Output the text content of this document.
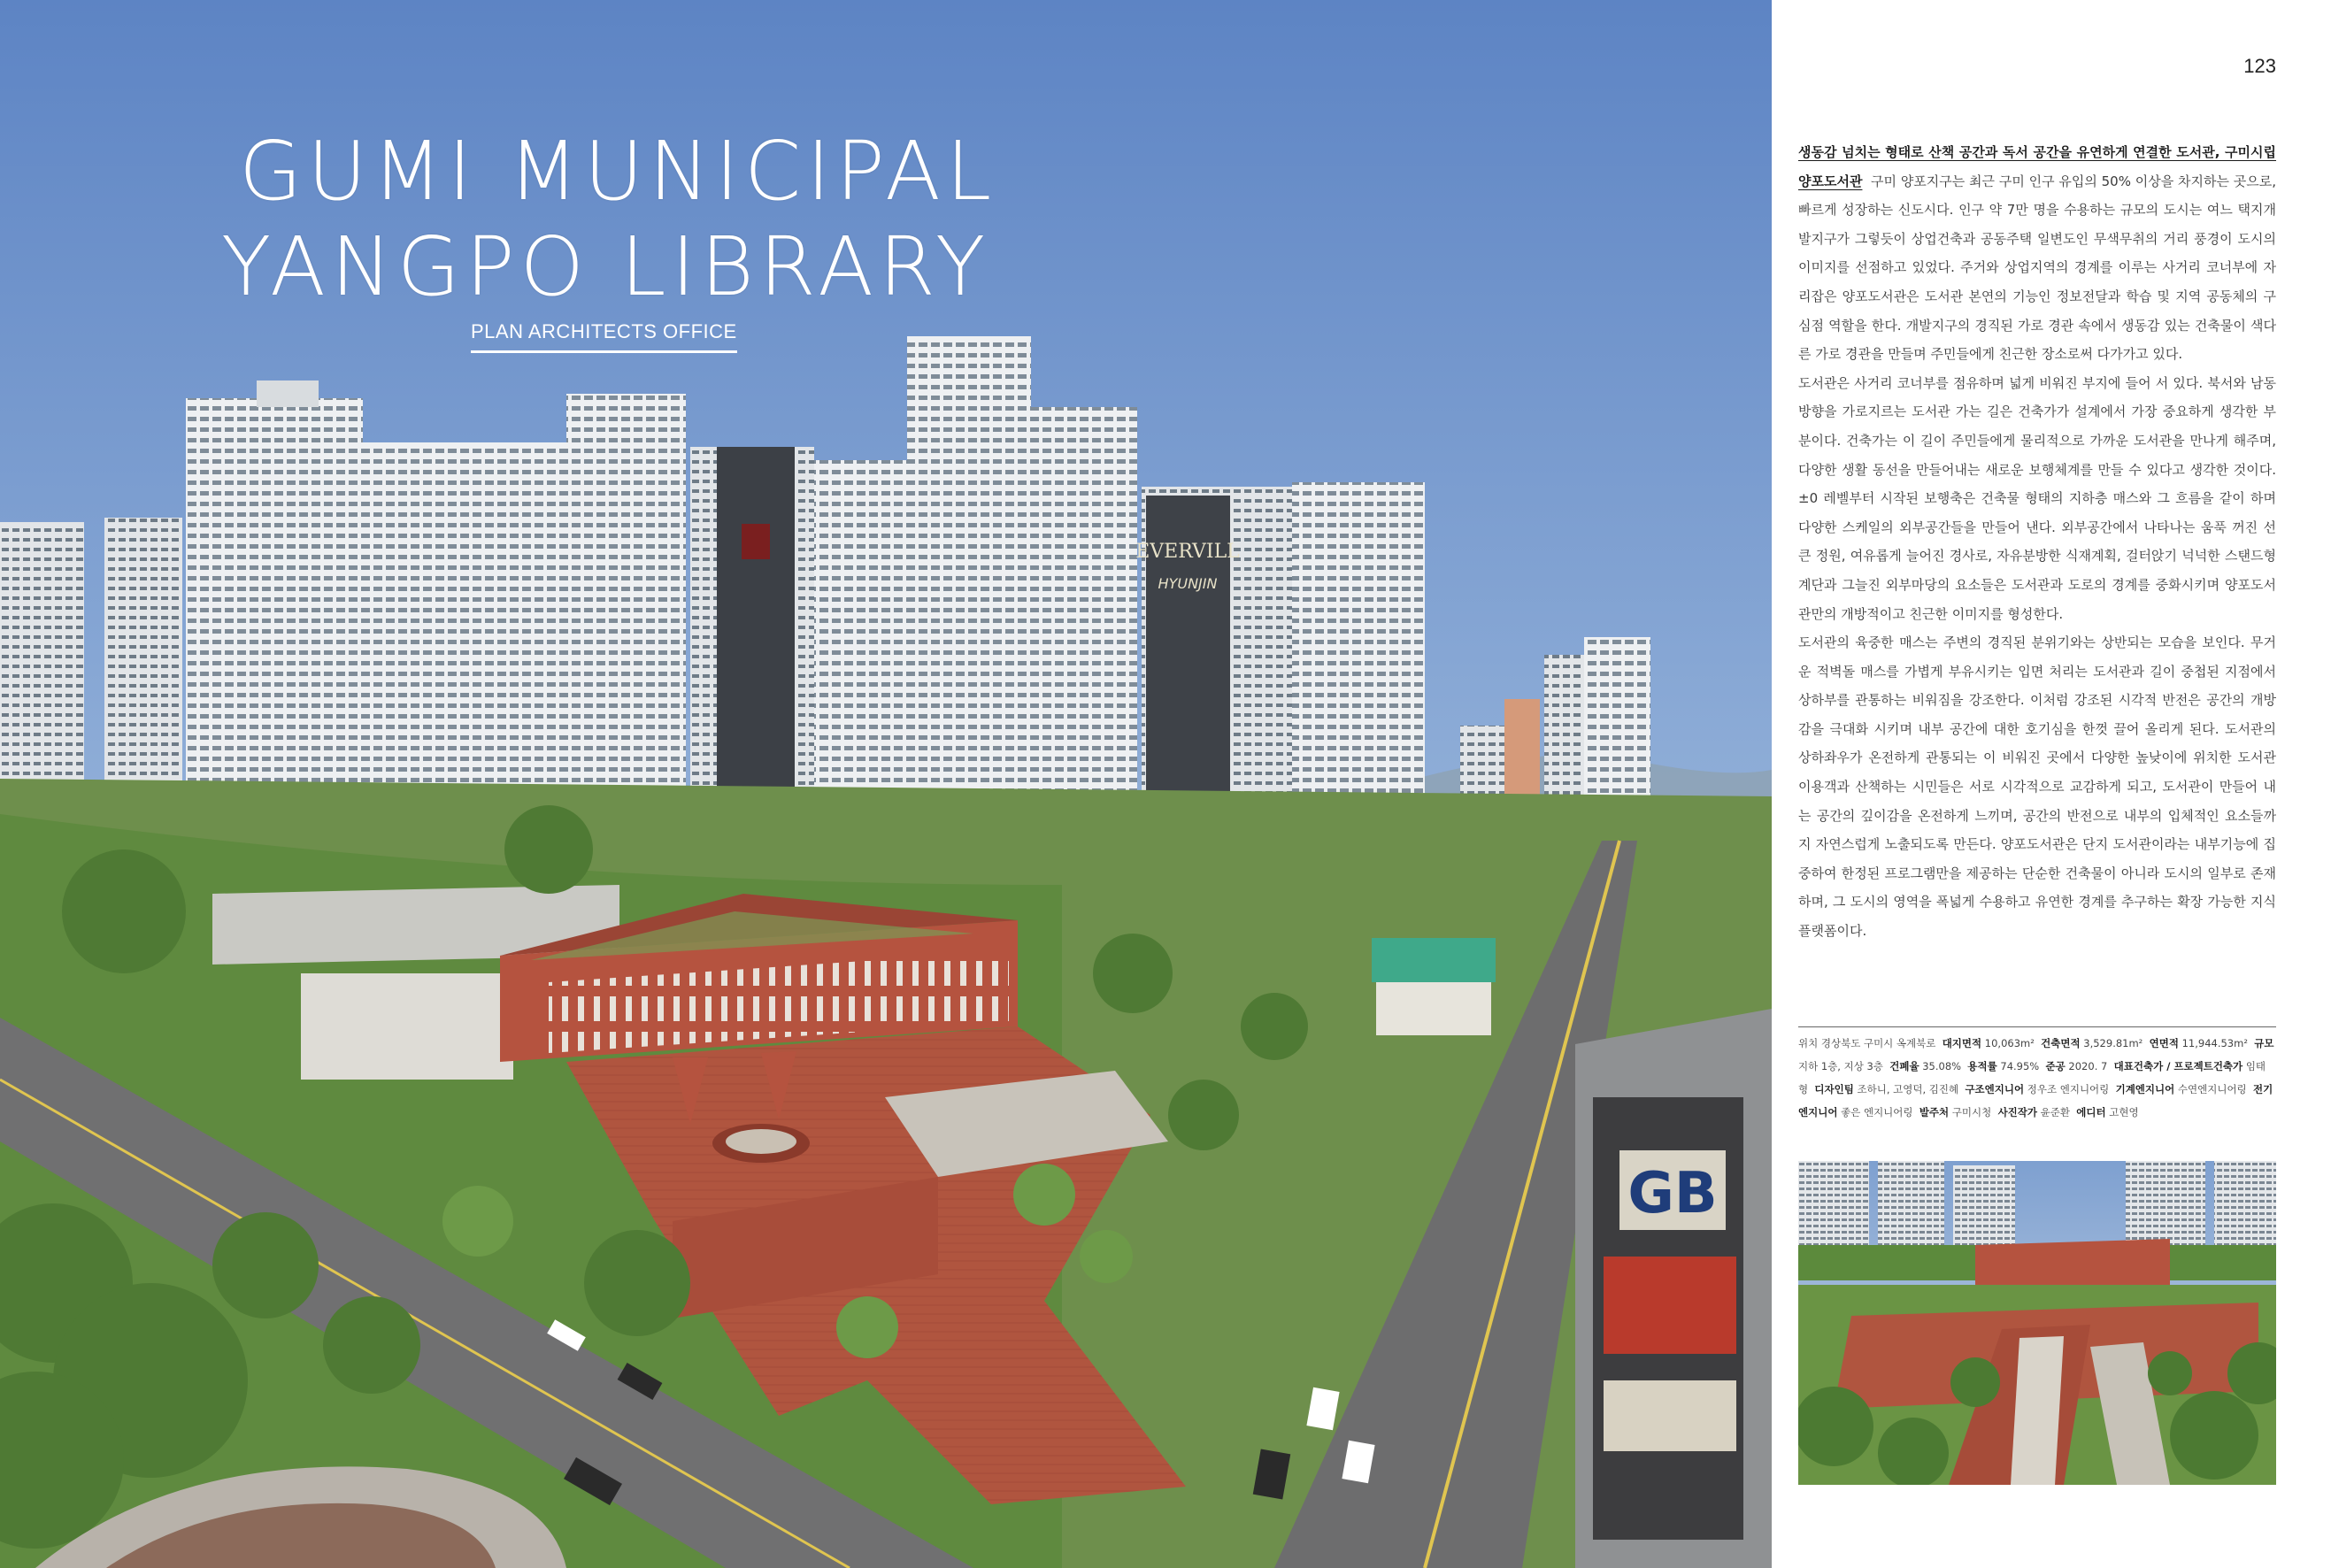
EVERVILL
HYUNJIN
GB
GUMI MUNICIPAL
YANGPO LIBRARY
PLAN ARCHITECTS OFFICE
123

생동감 넘치는 형태로 산책 공간과 독서 공간을 유연하게 연결한 도서관, 구미시립 양포도서관 구미 양포지구는 최근 구미 인구 유입의 50% 이상을 차지하는 곳으로, 빠르게 성장하는 신도시다. 인구 약 7만 명을 수용하는 규모의 도시는 여느 택지개발지구가 그렇듯이 상업건축과 공동주택 일변도인 무색무취의 거리 풍경이 도시의 이미지를 선점하고 있었다. 주거와 상업지역의 경계를 이루는 사거리 코너부에 자리잡은 양포도서관은 도서관 본연의 기능인 정보전달과 학습 및 지역 공동체의 구심점 역할을 한다. 개발지구의 경직된 가로 경관 속에서 생동감 있는 건축물이 색다른 가로 경관을 만들며 주민들에게 친근한 장소로써 다가가고 있다.

도서관은 사거리 코너부를 점유하며 넓게 비워진 부지에 들어 서 있다. 북서와 남동 방향을 가로지르는 도서관 가는 길은 건축가가 설계에서 가장 중요하게 생각한 부분이다. 건축가는 이 길이 주민들에게 물리적으로 가까운 도서관을 만나게 해주며, 다양한 생활 동선을 만들어내는 새로운 보행체계를 만들 수 있다고 생각한 것이다. ±0 레벨부터 시작된 보행축은 건축물 형태의 지하층 매스와 그 흐름을 같이 하며 다양한 스케일의 외부공간들을 만들어 낸다. 외부공간에서 나타나는 움푹 꺼진 선큰 정원, 여유롭게 늘어진 경사로, 자유분방한 식재계획, 걸터앉기 넉넉한 스탠드형 계단과 그늘진 외부마당의 요소들은 도서관과 도로의 경계를 중화시키며 양포도서관만의 개방적이고 친근한 이미지를 형성한다.

도서관의 육중한 매스는 주변의 경직된 분위기와는 상반되는 모습을 보인다. 무거운 적벽돌 매스를 가볍게 부유시키는 입면 처리는 도서관과 길이 중첩된 지점에서 상하부를 관통하는 비워짐을 강조한다. 이처럼 강조된 시각적 반전은 공간의 개방감을 극대화 시키며 내부 공간에 대한 호기심을 한껏 끌어 올리게 된다. 도서관의 상하좌우가 온전하게 관통되는 이 비워진 곳에서 다양한 높낮이에 위치한 도서관 이용객과 산책하는 시민들은 서로 시각적으로 교감하게 되고, 도서관이 만들어 내는 공간의 깊이감을 온전하게 느끼며, 공간의 반전으로 내부의 입체적인 요소들까지 자연스럽게 노출되도록 만든다. 양포도서관은 단지 도서관이라는 내부기능에 집중하여 한정된 프로그램만을 제공하는 단순한 건축물이 아니라 도시의 일부로 존재하며, 그 도시의 영역을 폭넓게 수용하고 유연한 경계를 추구하는 확장 가능한 지식 플랫폼이다.

위치 경상북도 구미시 옥계북로 대지면적 10,063m² 건축면적 3,529.81m² 연면적 11,944.53m² 규모 지하 1층, 지상 3층 건폐율 35.08% 용적률 74.95% 준공 2020. 7 대표건축가 / 프로젝트건축가 임태형 디자인팀 조하니, 고영덕, 김진혜 구조엔지니어 정우조 엔지니어링 기계엔지니어 수연엔지니어링 전기엔지니어 좋은 엔지니어링 발주처 구미시청 사진작가 윤준환 에디터 고현영
